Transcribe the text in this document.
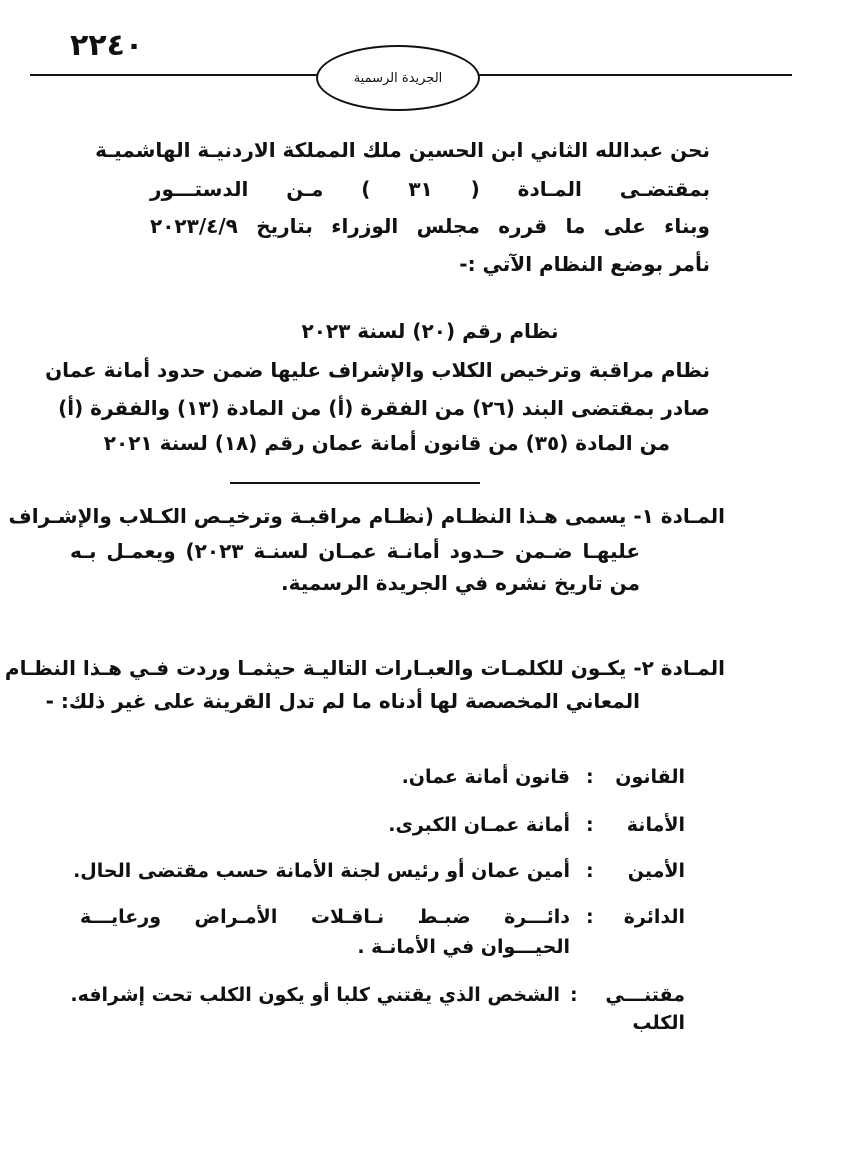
٢٢٤٠
الجريدة الرسمية
نحن عبدالله الثاني ابن الحسين ملك المملكة الاردنيـة الهاشميـة
بمقتضـى المـادة ( ٣١ ) مـن الدستـــور
وبناء على ما قرره مجلس الوزراء بتاريخ ٢٠٢٣/٤/٩
نأمر بوضع النظام الآتي :-
نظام رقم (٢٠) لسنة ٢٠٢٣
نظام مراقبة وترخيص الكلاب والإشراف عليها ضمن حدود أمانة عمان
صادر بمقتضى البند (٢٦) من الفقرة (أ) من المادة (١٣) والفقرة (أ)
من المادة (٣٥) من قانون أمانة عمان رقم (١٨) لسنة ٢٠٢١
المـادة ١- يسمى هـذا النظـام (نظـام مراقبـة وترخيـص الكـلاب والإشـراف
عليهـا ضـمن حـدود أمانـة عمـان لسنـة ٢٠٢٣) ويعمـل بـه
من تاريخ نشره في الجريدة الرسمية.
المـادة ٢- يكـون للكلمـات والعبـارات التاليـة حيثمـا وردت فـي هـذا النظـام
المعاني المخصصة لها أدناه ما لم تدل القرينة على غير ذلك: -
القانون
:
قانون أمانة عمان.
الأمانة
:
أمانة عمـان الكبرى.
الأمين
:
أمين عمان أو رئيس لجنة الأمانة حسب مقتضى الحال.
الدائرة
:
دائـــرة ضبـط نـاقـلات الأمـراض ورعايـــة
الحيـــوان في الأمانـة .
مقتنـــي
الكلب
:
الشخص الذي يقتني كلبا أو يكون الكلب تحت إشرافه.
